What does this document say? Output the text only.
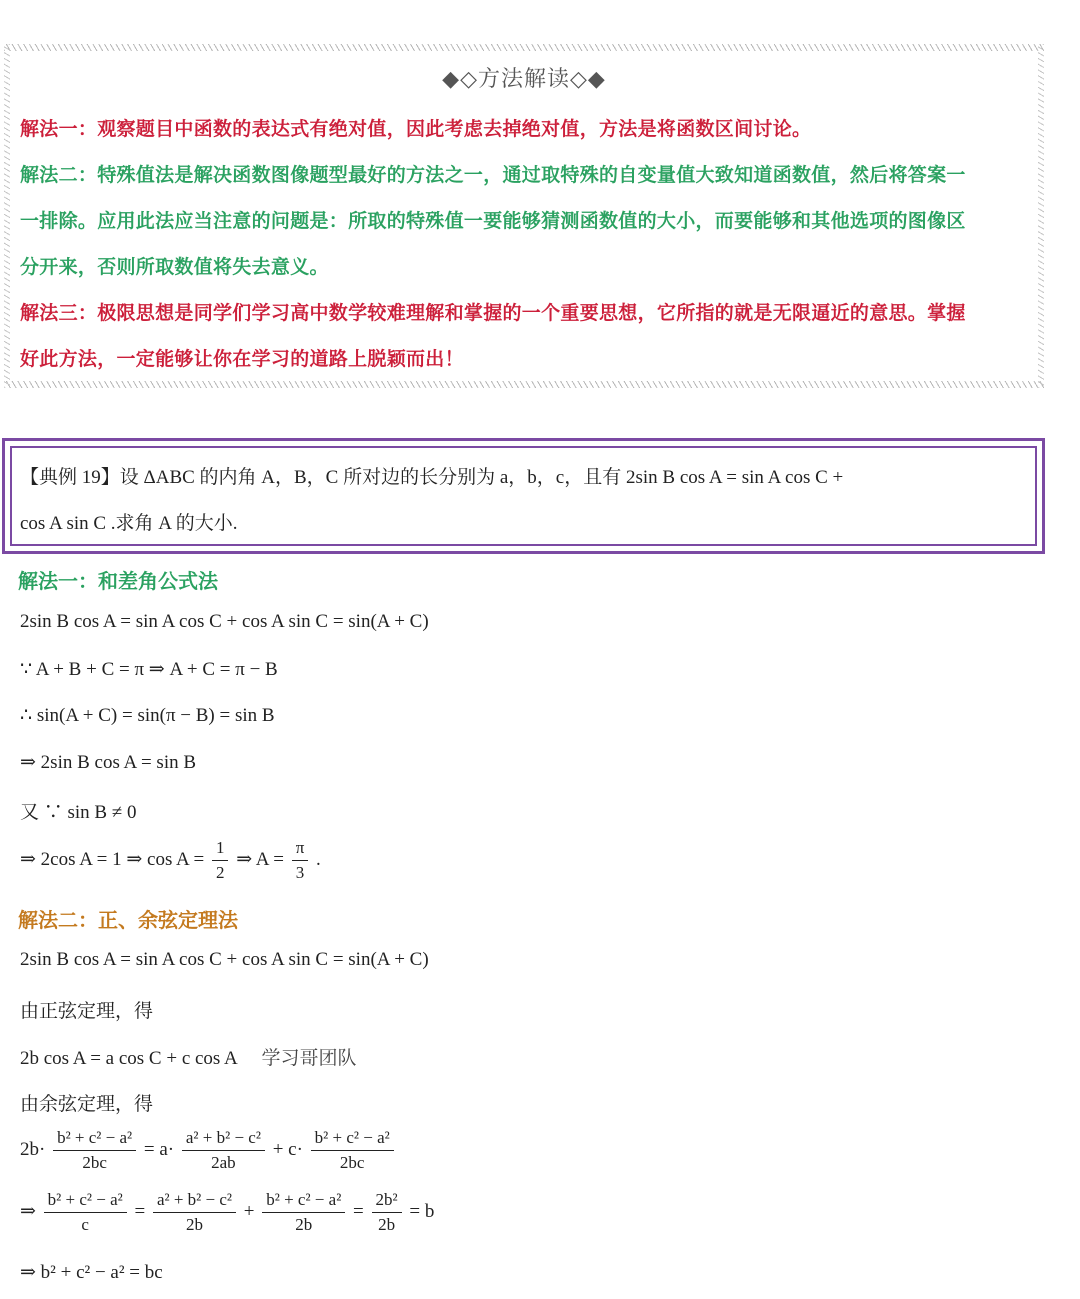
◆◇方法解读◇◆
解法一：观察题目中函数的表达式有绝对值，因此考虑去掉绝对值，方法是将函数区间讨论。
解法二：特殊值法是解决函数图像题型最好的方法之一，通过取特殊的自变量值大致知道函数值，然后将答案一
一排除。应用此法应当注意的问题是：所取的特殊值一要能够猜测函数值的大小，而要能够和其他选项的图像区
分开来，否则所取数值将失去意义。
解法三：极限思想是同学们学习高中数学较难理解和掌握的一个重要思想，它所指的就是无限逼近的意思。掌握
好此方法，一定能够让你在学习的道路上脱颖而出！
【典例 19】设 ΔABC 的内角 A，B，C 所对边的长分别为 a，b，c，且有 2sin B cos A = sin A cos C +
cos A sin C .求角 A 的大小.
解法一：和差角公式法
2sin B cos A = sin A cos C + cos A sin C = sin(A + C)
∵ A + B + C = π ⇒ A + C = π − B
∴ sin(A + C) = sin(π − B) = sin B
⇒ 2sin B cos A = sin B
又 ∵ sin B ≠ 0
⇒ 2cos A = 1 ⇒ $\cos A = \frac{1}{2}$ ⇒ $A = \frac{\pi}{3}$ .
解法二：正、余弦定理法
2sin B cos A = sin A cos C + cos A sin C = sin(A + C)
由正弦定理，得
2b cos A = a cos C + c cos A 学习哥团队
由余弦定理，得
$2b\cdot \frac{\text{b² + c² − a²}}{2bc} = a\cdot \frac{\text{a² + b² − c²}}{2ab} + c\cdot \frac{\text{b² + c² − a²}}{2bc}$
⇒ $\frac{\text{b² + c² − a²}}{c} = \frac{\text{a² + b² − c²}}{2b} + \frac{\text{b² + c² − a²}}{2b} = \frac{\text{2b²}}{2b} = b$
⇒ b² + c² − a² = bc
